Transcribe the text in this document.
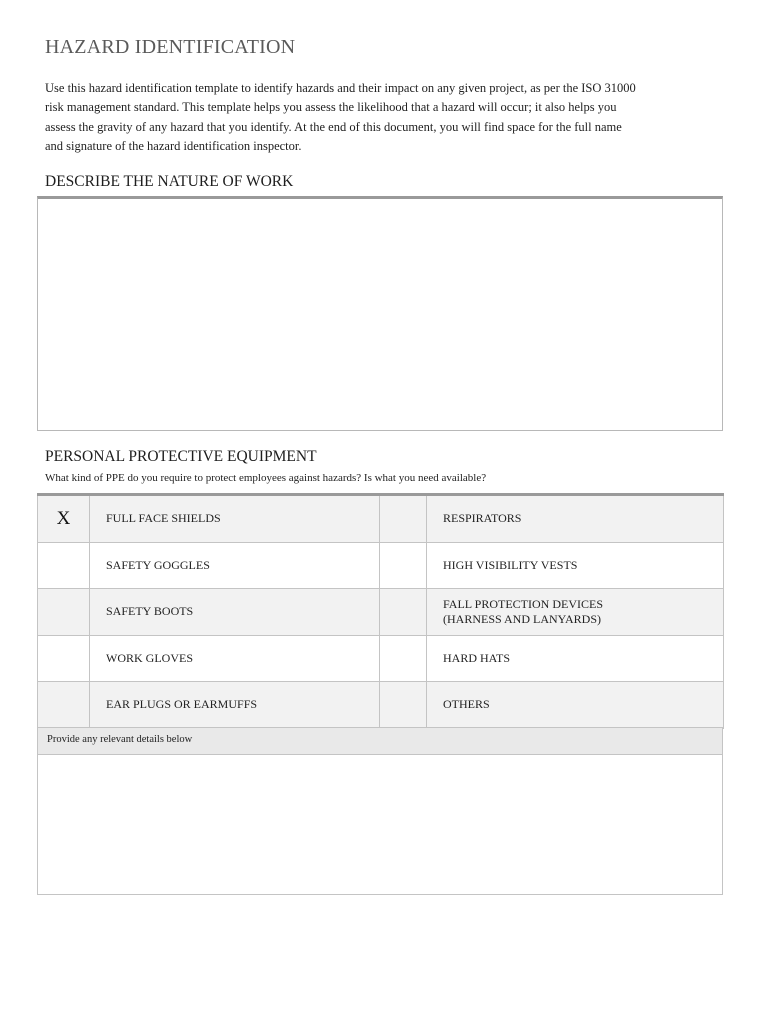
HAZARD IDENTIFICATION
Use this hazard identification template to identify hazards and their impact on any given project, as per the ISO 31000
risk management standard. This template helps you assess the likelihood that a hazard will occur; it also helps you
assess the gravity of any hazard that you identify. At the end of this document, you will find space for the full name
and signature of the hazard identification inspector.
DESCRIBE THE NATURE OF WORK
PERSONAL PROTECTIVE EQUIPMENT
What kind of PPE do you require to protect employees against hazards? Is what you need available?
X	FULL FACE SHIELDS		RESPIRATORS

	SAFETY GOGGLES		HIGH VISIBILITY VESTS

	SAFETY BOOTS		FALL PROTECTION DEVICES
(HARNESS AND LANYARDS)

	WORK GLOVES		HARD HATS

	EAR PLUGS OR EARMUFFS		OTHERS
Provide any relevant details below
